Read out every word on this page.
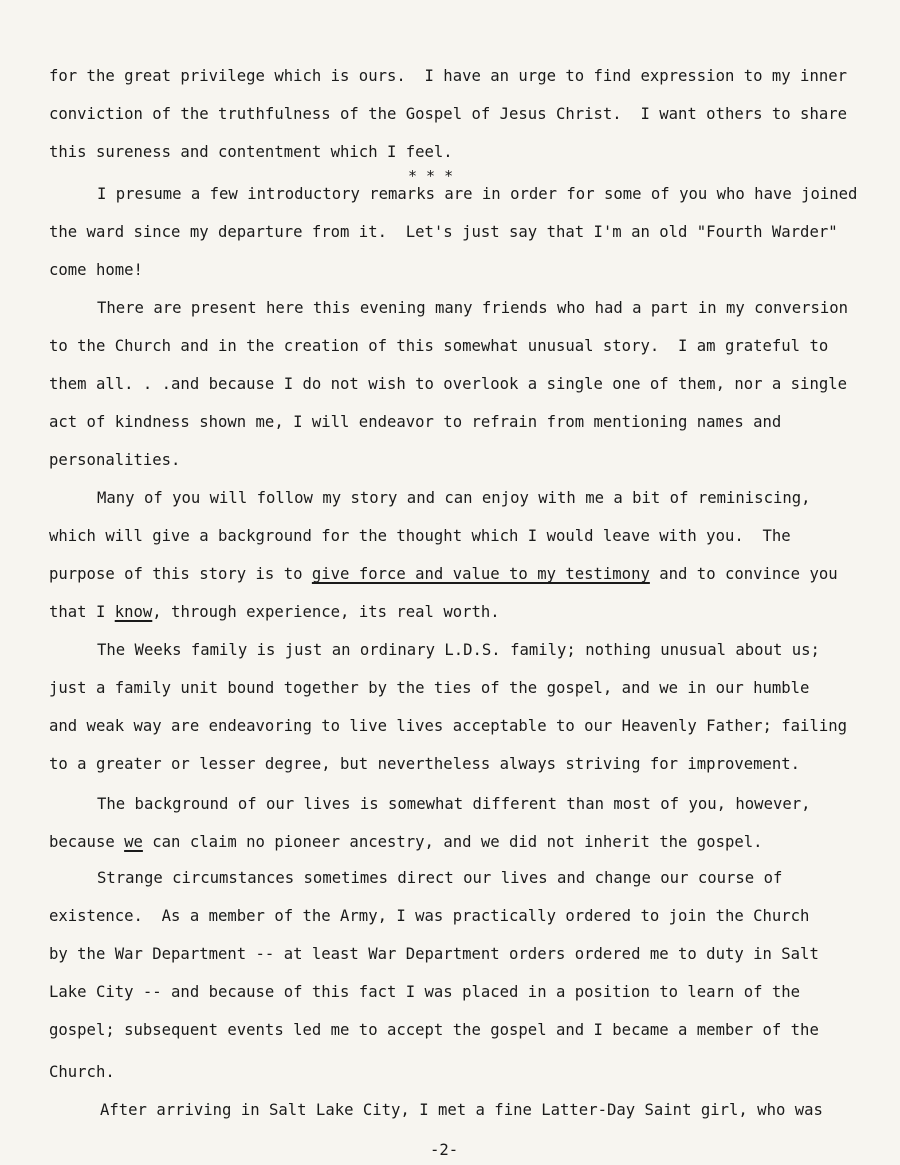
for the great privilege which is ours.  I have an urge to find expression to my inner

conviction of the truthfulness of the Gospel of Jesus Christ.  I want others to share

this sureness and contentment which I feel.

* * *

I presume a few introductory remarks are in order for some of you who have joined

the ward since my departure from it.  Let's just say that I'm an old "Fourth Warder"

come home!

There are present here this evening many friends who had a part in my conversion

to the Church and in the creation of this somewhat unusual story.  I am grateful to

them all. . .and because I do not wish to overlook a single one of them, nor a single

act of kindness shown me, I will endeavor to refrain from mentioning names and

personalities.

Many of you will follow my story and can enjoy with me a bit of reminiscing,

which will give a background for the thought which I would leave with you.  The

purpose of this story is to give force and value to my testimony and to convince you

that I know, through experience, its real worth.

The Weeks family is just an ordinary L.D.S. family; nothing unusual about us;

just a family unit bound together by the ties of the gospel, and we in our humble

and weak way are endeavoring to live lives acceptable to our Heavenly Father; failing

to a greater or lesser degree, but nevertheless always striving for improvement.

The background of our lives is somewhat different than most of you, however,

because we can claim no pioneer ancestry, and we did not inherit the gospel.

Strange circumstances sometimes direct our lives and change our course of

existence.  As a member of the Army, I was practically ordered to join the Church

by the War Department -- at least War Department orders ordered me to duty in Salt

Lake City -- and because of this fact I was placed in a position to learn of the

gospel; subsequent events led me to accept the gospel and I became a member of the

Church.

After arriving in Salt Lake City, I met a fine Latter-Day Saint girl, who was

-2-
